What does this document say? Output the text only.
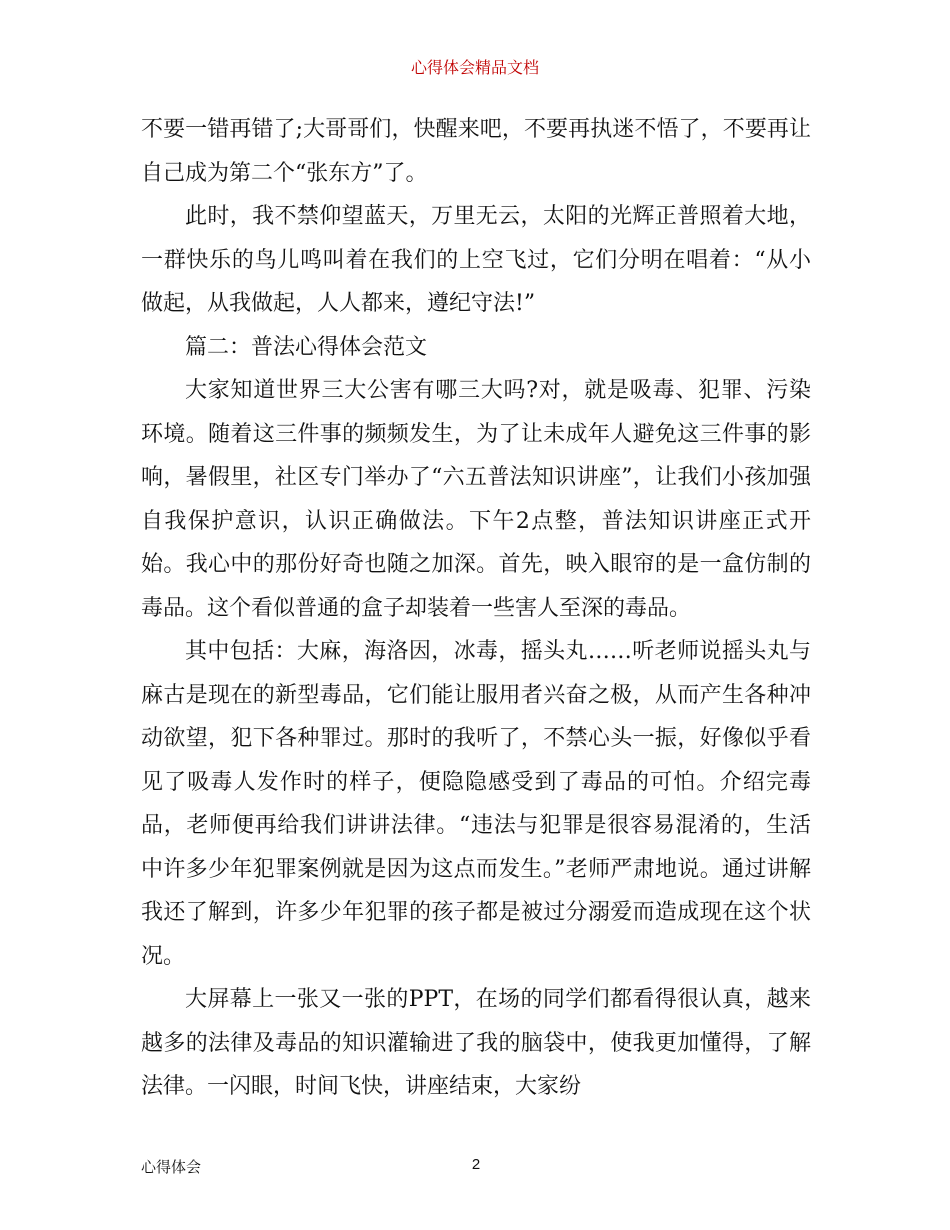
心得体会精品文档

不要一错再错了;大哥哥们，快醒来吧，不要再执迷不悟了，不要再让自己成为第二个“张东方”了。

此时，我不禁仰望蓝天，万里无云，太阳的光辉正普照着大地，一群快乐的鸟儿鸣叫着在我们的上空飞过，它们分明在唱着：“从小做起，从我做起，人人都来，遵纪守法!”

篇二：普法心得体会范文

大家知道世界三大公害有哪三大吗?对，就是吸毒、犯罪、污染环境。随着这三件事的频频发生，为了让未成年人避免这三件事的影响，暑假里，社区专门举办了“六五普法知识讲座”，让我们小孩加强自我保护意识，认识正确做法。下午2点整，普法知识讲座正式开始。我心中的那份好奇也随之加深。首先，映入眼帘的是一盒仿制的毒品。这个看似普通的盒子却装着一些害人至深的毒品。

其中包括：大麻，海洛因，冰毒，摇头丸……听老师说摇头丸与麻古是现在的新型毒品，它们能让服用者兴奋之极，从而产生各种冲动欲望，犯下各种罪过。那时的我听了，不禁心头一振，好像似乎看见了吸毒人发作时的样子，便隐隐感受到了毒品的可怕。介绍完毒品，老师便再给我们讲讲法律。“违法与犯罪是很容易混淆的，生活中许多少年犯罪案例就是因为这点而发生。”老师严肃地说。通过讲解我还了解到，许多少年犯罪的孩子都是被过分溺爱而造成现在这个状况。

大屏幕上一张又一张的PPT，在场的同学们都看得很认真，越来越多的法律及毒品的知识灌输进了我的脑袋中，使我更加懂得，了解法律。一闪眼，时间飞快，讲座结束，大家纷

心得体会	2
